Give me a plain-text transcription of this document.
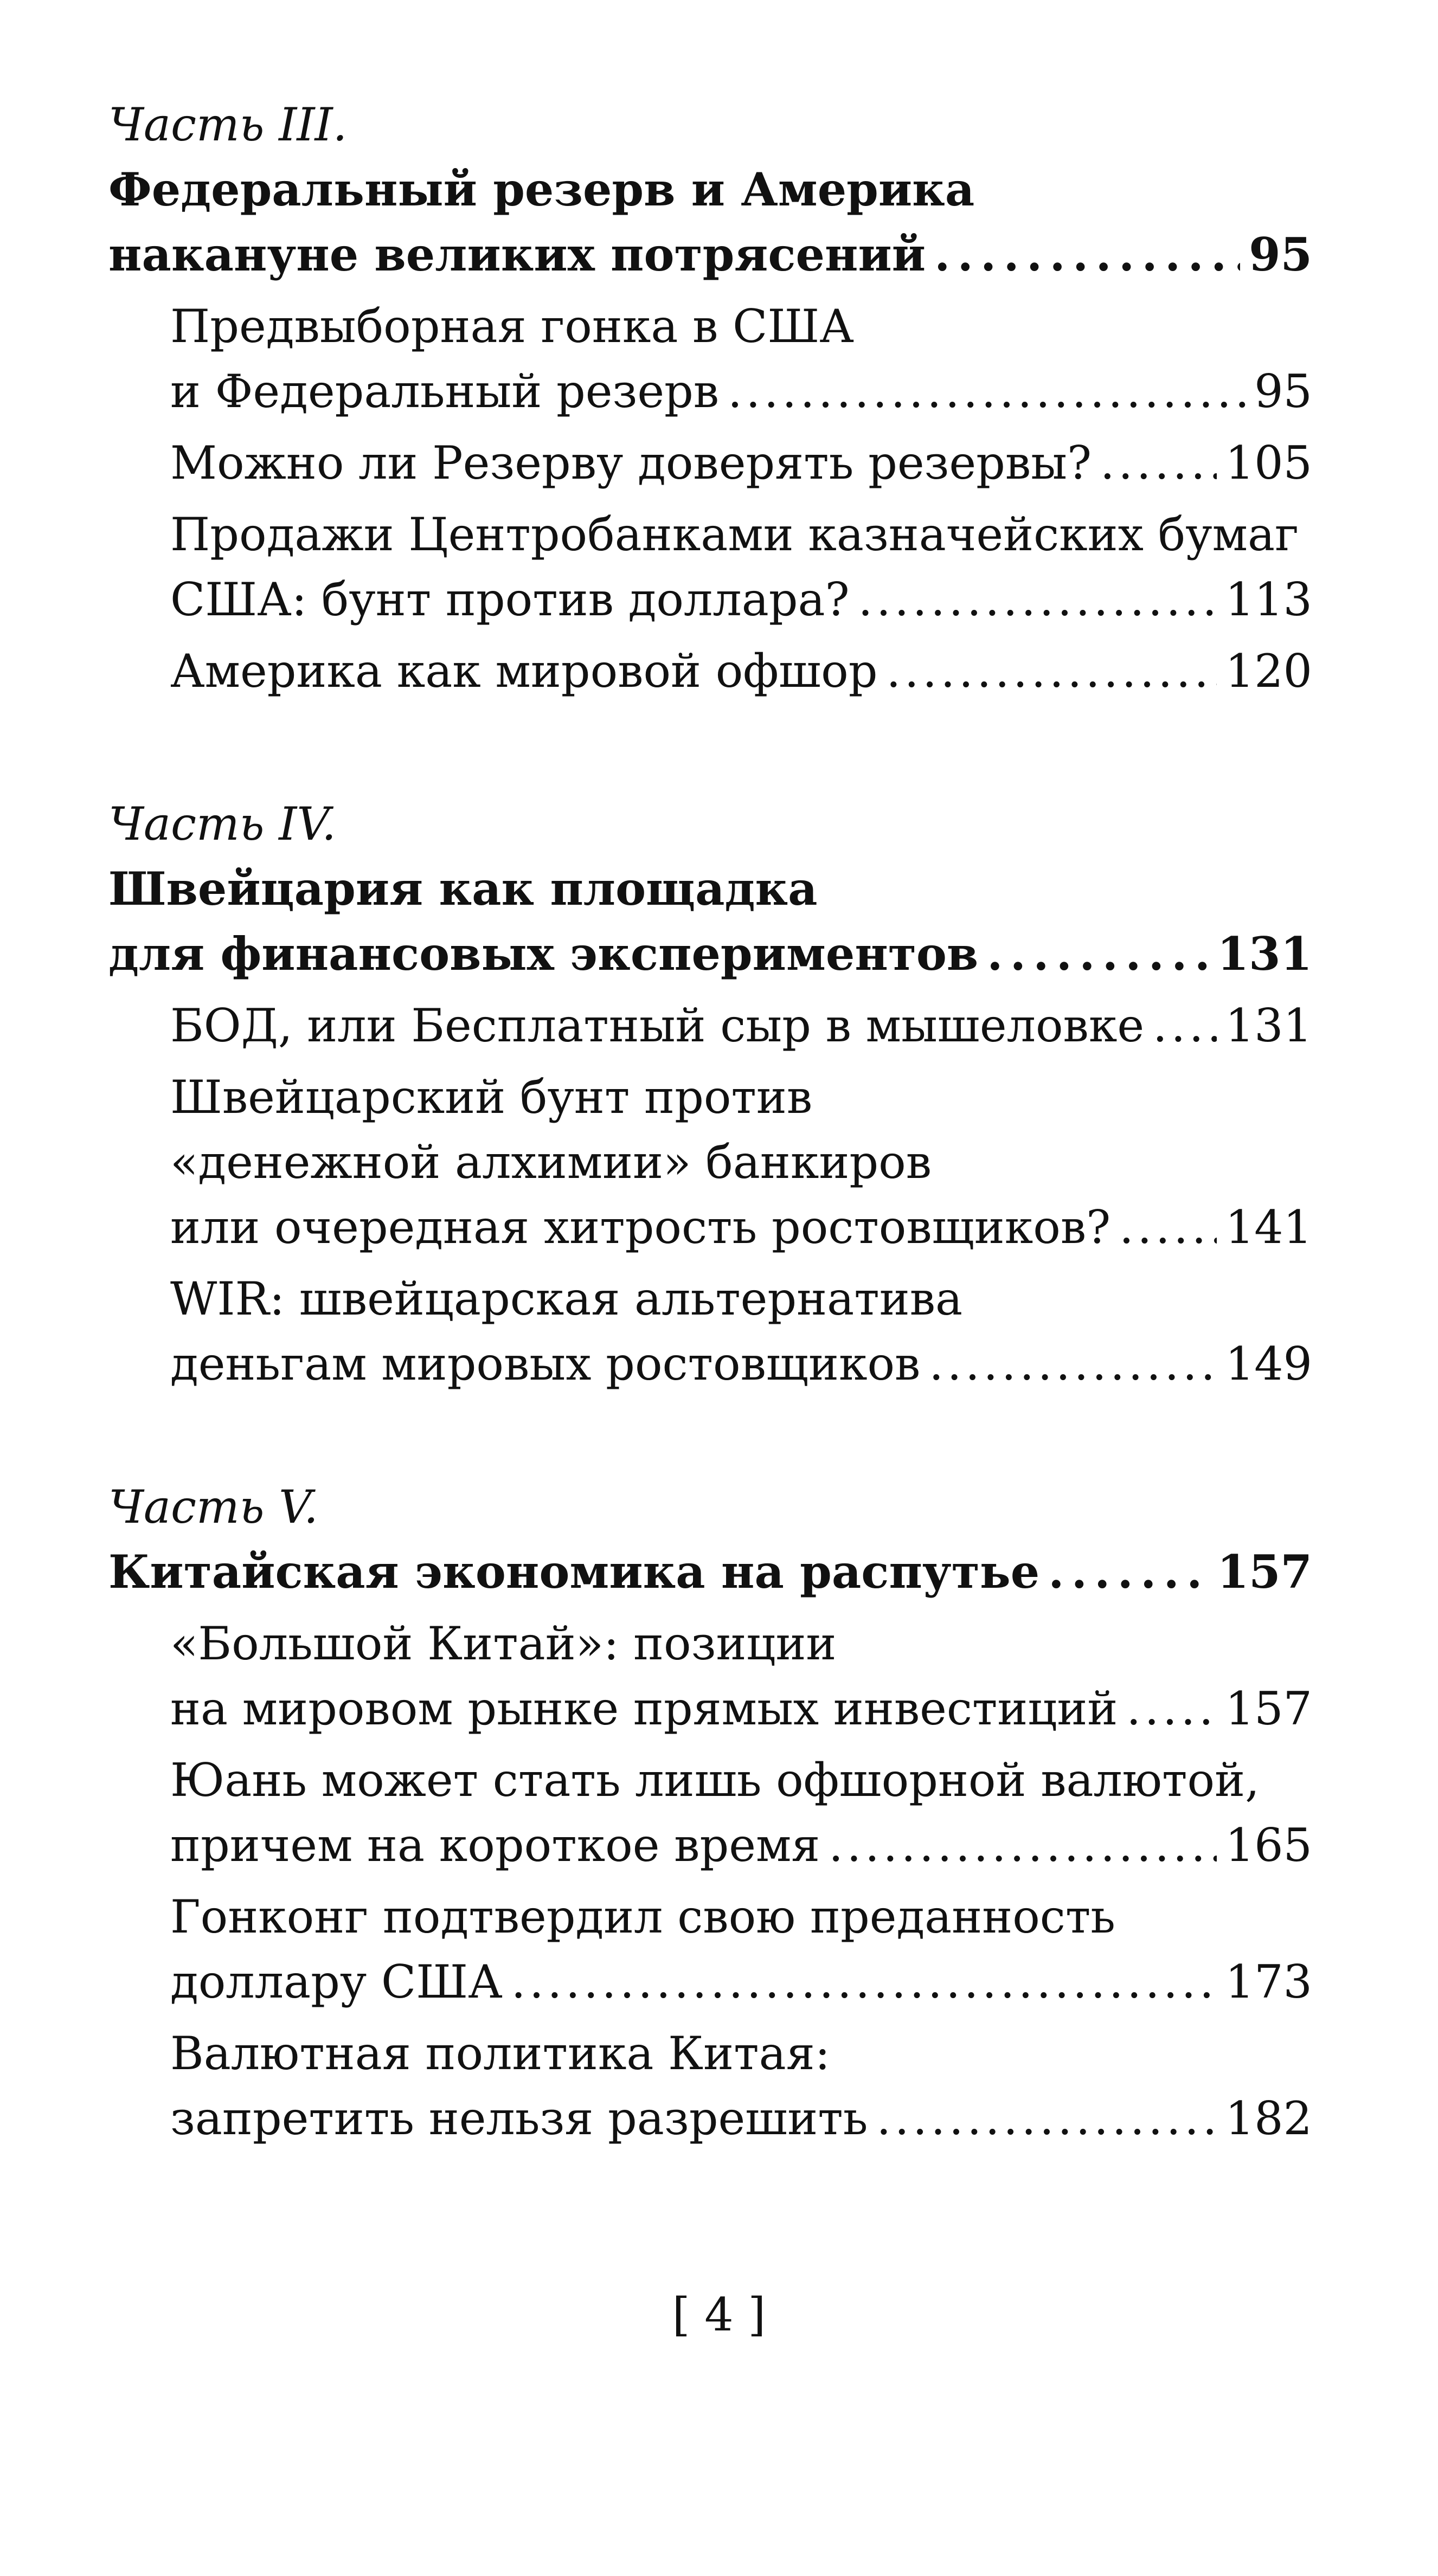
Часть III.
Федеральный резерв и Америка
накануне великих потрясений . . .	95
Предвыборная гонка в США
и Федеральный резерв . . .	95
Можно ли Резерву доверять резервы? . . .	105
Продажи Центробанками казначейских бумаг
США: бунт против доллара? . . .	113
Америка как мировой офшор . . .	120
Часть IV.
Швейцария как площадка
для финансовых экспериментов . . .	131
БОД, или Бесплатный сыр в мышеловке . . . 131
Швейцарский бунт против
«денежной алхимии» банкиров
или очередная хитрость ростовщиков? . . .	141
WIR: швейцарская альтернатива
деньгам мировых ростовщиков . . .	149
Часть V.
Китайская экономика на распутье . . .	157
«Большой Китай»: позиции
на мировом рынке прямых инвестиций . . . 157
Юань может стать лишь офшорной валютой,
причем на короткое время . . .	165
Гонконг подтвердил свою преданность
доллару США . . .	173
Валютная политика Китая:
запретить нельзя разрешить . . .	182
[ 4 ]
